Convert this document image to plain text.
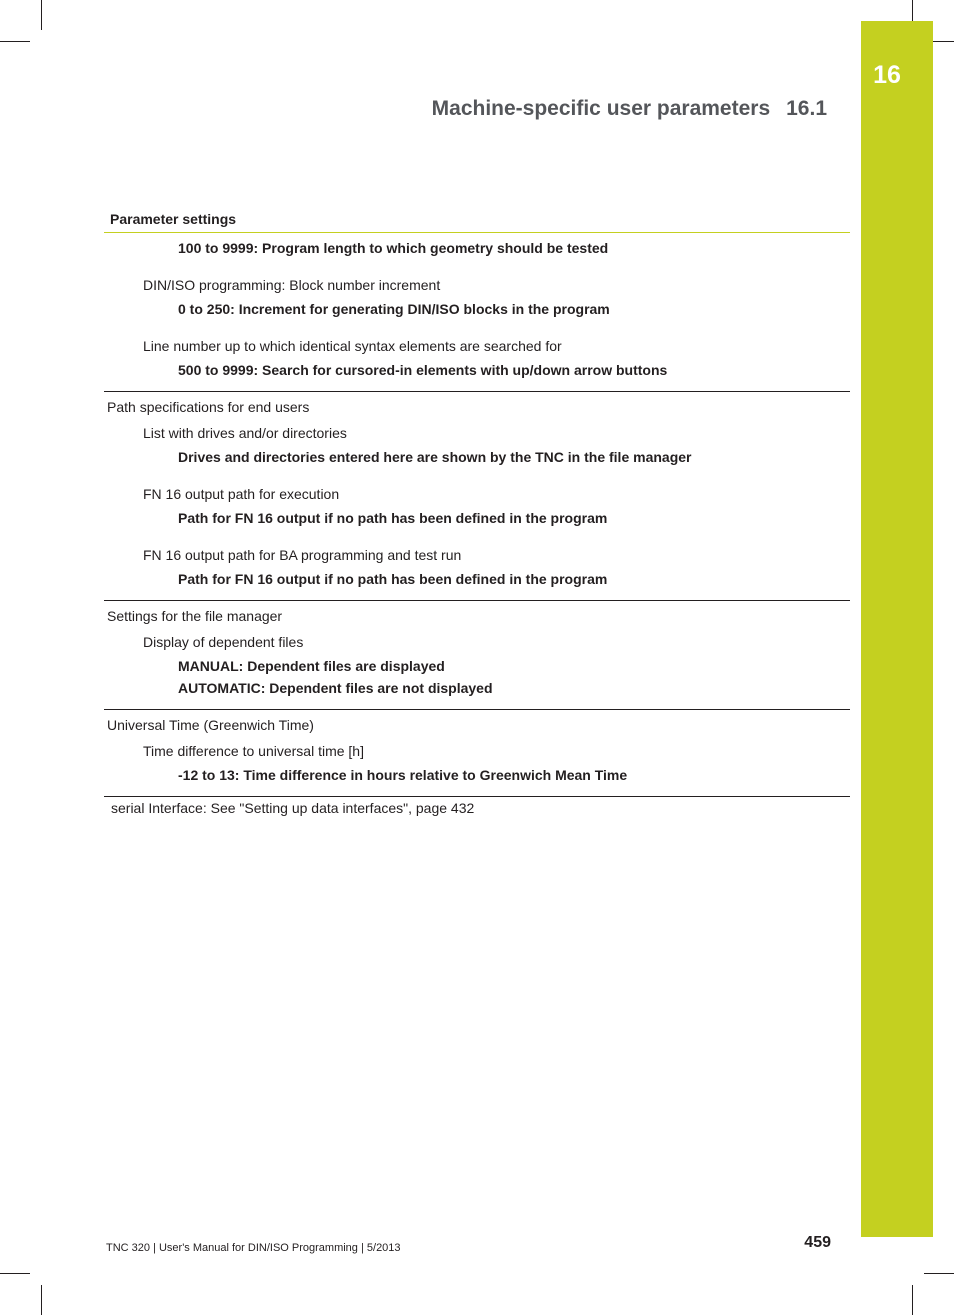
16
Machine-specific user parameters 16.1
Parameter settings
100 to 9999: Program length to which geometry should be tested
DIN/ISO programming: Block number increment
0 to 250: Increment for generating DIN/ISO blocks in the program
Line number up to which identical syntax elements are searched for
500 to 9999: Search for cursored-in elements with up/down arrow buttons
Path specifications for end users
List with drives and/or directories
Drives and directories entered here are shown by the TNC in the file manager
FN 16 output path for execution
Path for FN 16 output if no path has been defined in the program
FN 16 output path for BA programming and test run
Path for FN 16 output if no path has been defined in the program
Settings for the file manager
Display of dependent files
MANUAL: Dependent files are displayed
AUTOMATIC: Dependent files are not displayed
Universal Time (Greenwich Time)
Time difference to universal time [h]
-12 to 13: Time difference in hours relative to Greenwich Mean Time
serial Interface: See "Setting up data interfaces", page 432
TNC 320 | User's Manual for DIN/ISO Programming | 5/2013	459
